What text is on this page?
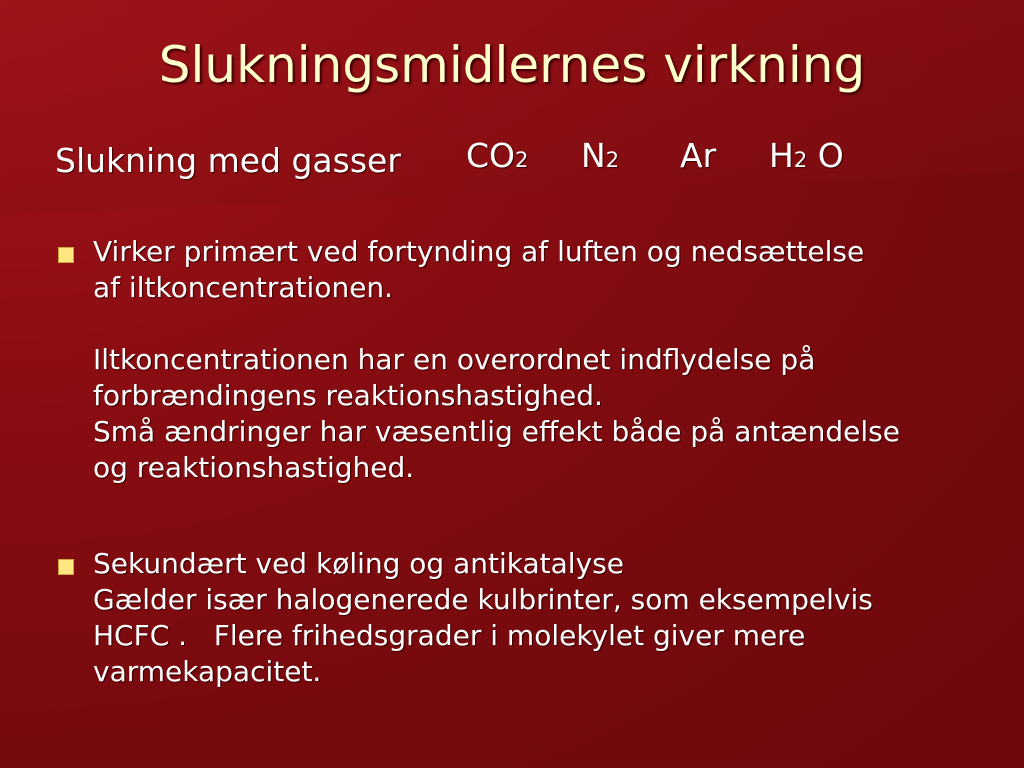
Slukningsmidlernes virkning
Slukning med gasser CO2 N2 Ar H2 O
Virker primært ved fortynding af luften og nedsættelse
af iltkoncentrationen.
Iltkoncentrationen har en overordnet indflydelse på
forbrændingens reaktionshastighed.
Små ændringer har væsentlig effekt både på antændelse
og reaktionshastighed.
Sekundært ved køling og antikatalyse
Gælder især halogenerede kulbrinter, som eksempelvis
HCFC .   Flere frihedsgrader i molekylet giver mere
varmekapacitet.
